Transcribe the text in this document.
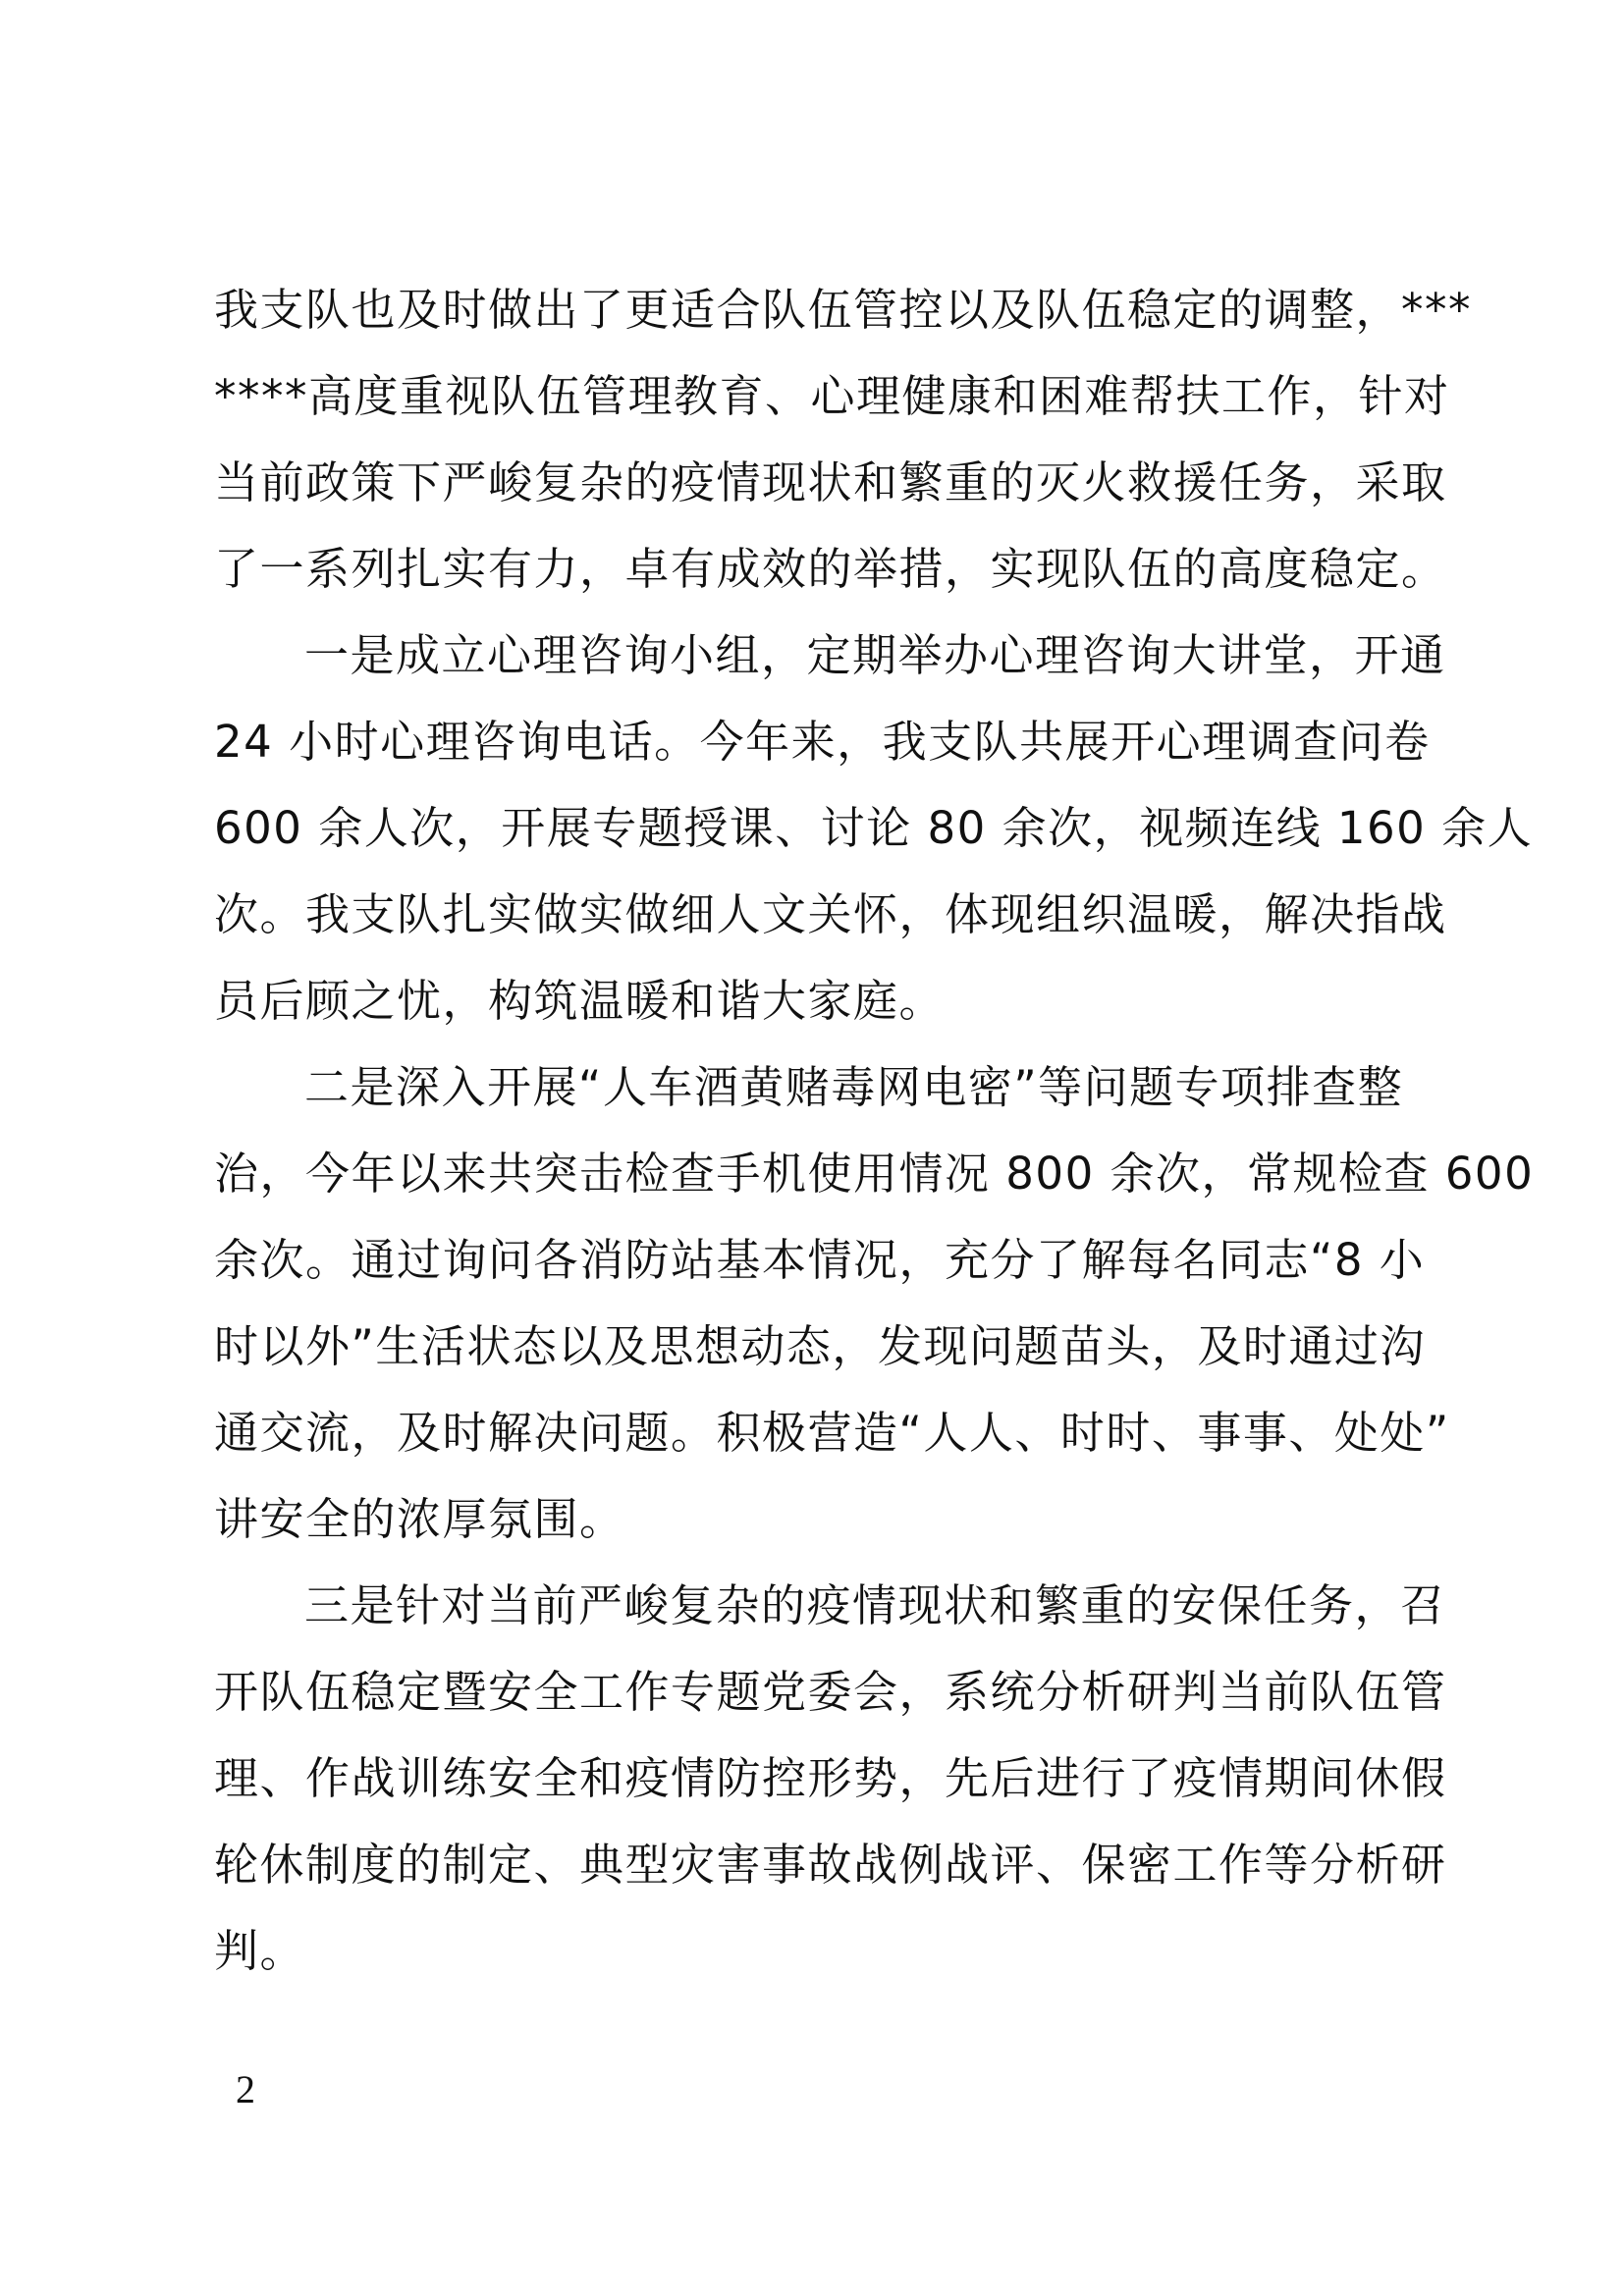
我支队也及时做出了更适合队伍管控以及队伍稳定的调整，***
****高度重视队伍管理教育、心理健康和困难帮扶工作，针对
当前政策下严峻复杂的疫情现状和繁重的灭火救援任务，采取
了一系列扎实有力，卓有成效的举措，实现队伍的高度稳定。
一是成立心理咨询小组，定期举办心理咨询大讲堂，开通
24 小时心理咨询电话。今年来，我支队共展开心理调查问卷
600 余人次，开展专题授课、讨论 80 余次，视频连线 160 余人
次。我支队扎实做实做细人文关怀，体现组织温暖，解决指战
员后顾之忧，构筑温暖和谐大家庭。
二是深入开展“人车酒黄赌毒网电密”等问题专项排查整
治，今年以来共突击检查手机使用情况 800 余次，常规检查 600
余次。通过询问各消防站基本情况，充分了解每名同志“8 小
时以外”生活状态以及思想动态，发现问题苗头，及时通过沟
通交流，及时解决问题。积极营造“人人、时时、事事、处处”
讲安全的浓厚氛围。
三是针对当前严峻复杂的疫情现状和繁重的安保任务，召
开队伍稳定暨安全工作专题党委会，系统分析研判当前队伍管
理、作战训练安全和疫情防控形势，先后进行了疫情期间休假
轮休制度的制定、典型灾害事故战例战评、保密工作等分析研
判。
2
